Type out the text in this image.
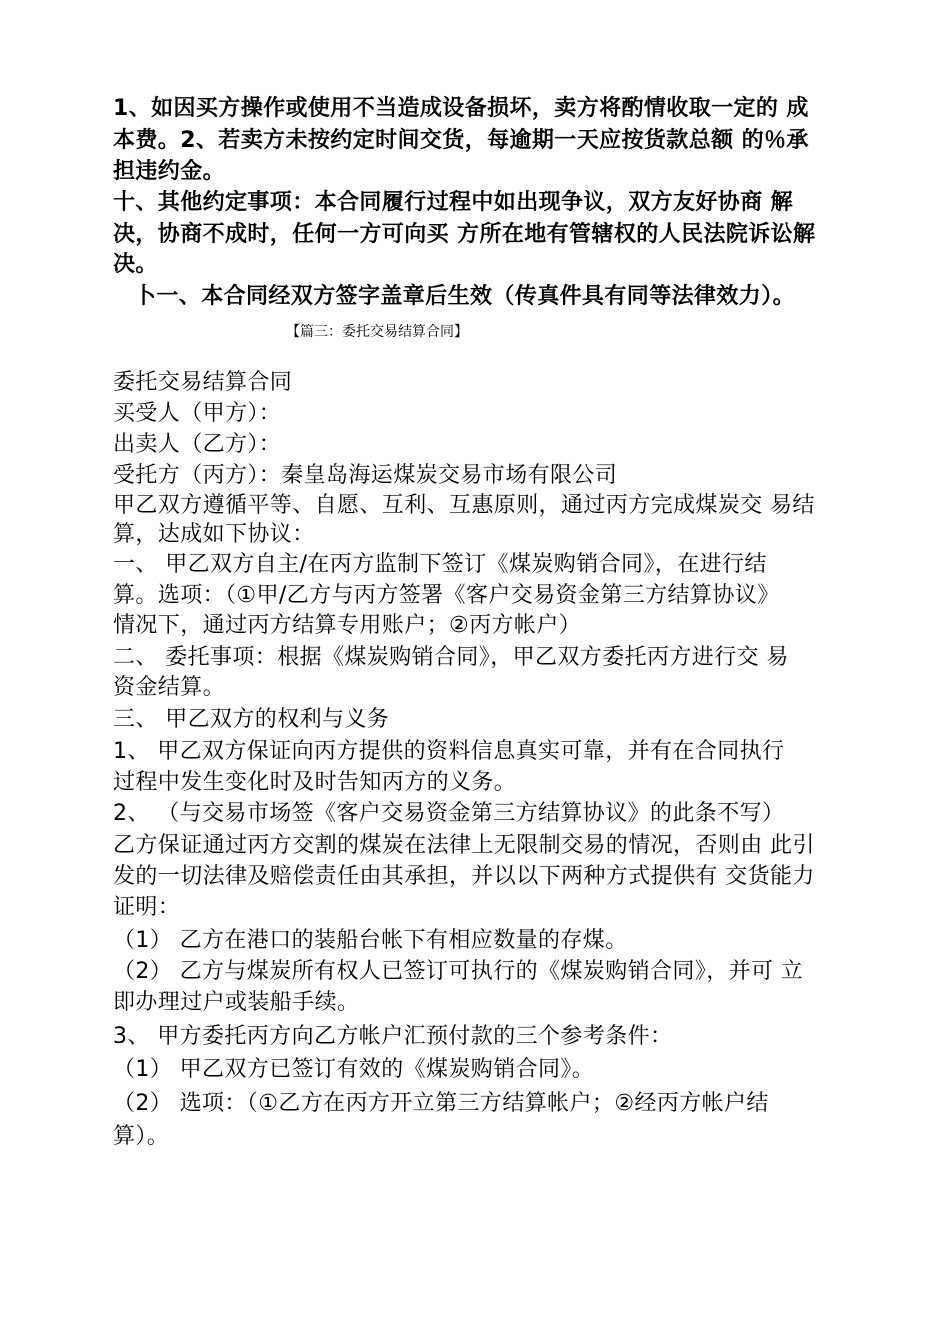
1、如因买方操作或使用不当造成设备损坏，卖方将酌情收取一定的 成
本费。2、若卖方未按约定时间交货，每逾期一天应按货款总额 的％承
担违约金。
十、其他约定事项：本合同履行过程中如出现争议，双方友好协商 解
决，协商不成时，任何一方可向买 方所在地有管辖权的人民法院诉讼解
决。
卜一、本合同经双方签字盖章后生效（传真件具有同等法律效力）。
【篇三：委托交易结算合同】
委托交易结算合同
买受人（甲方）：
出卖人（乙方）：
受托方（丙方）：秦皇岛海运煤炭交易市场有限公司
甲乙双方遵循平等、自愿、互利、互惠原则，通过丙方完成煤炭交 易结
算，达成如下协议：
一、 甲乙双方自主/在丙方监制下签订《煤炭购销合同》，在进行结
算。选项：（①甲/乙方与丙方签署《客户交易资金第三方结算协议》
情况下，通过丙方结算专用账户；②丙方帐户）
二、 委托事项：根据《煤炭购销合同》，甲乙双方委托丙方进行交 易
资金结算。
三、 甲乙双方的权利与义务
1、 甲乙双方保证向丙方提供的资料信息真实可靠，并有在合同执行
过程中发生变化时及时告知丙方的义务。
2、 （与交易市场签《客户交易资金第三方结算协议》的此条不写）
乙方保证通过丙方交割的煤炭在法律上无限制交易的情况，否则由 此引
发的一切法律及赔偿责任由其承担，并以以下两种方式提供有 交货能力
证明：
（1） 乙方在港口的装船台帐下有相应数量的存煤。
（2） 乙方与煤炭所有权人已签订可执行的《煤炭购销合同》，并可 立
即办理过户或装船手续。
3、 甲方委托丙方向乙方帐户汇预付款的三个参考条件：
（1） 甲乙双方已签订有效的《煤炭购销合同》。
（2） 选项：（①乙方在丙方开立第三方结算帐户；②经丙方帐户结
算）。
